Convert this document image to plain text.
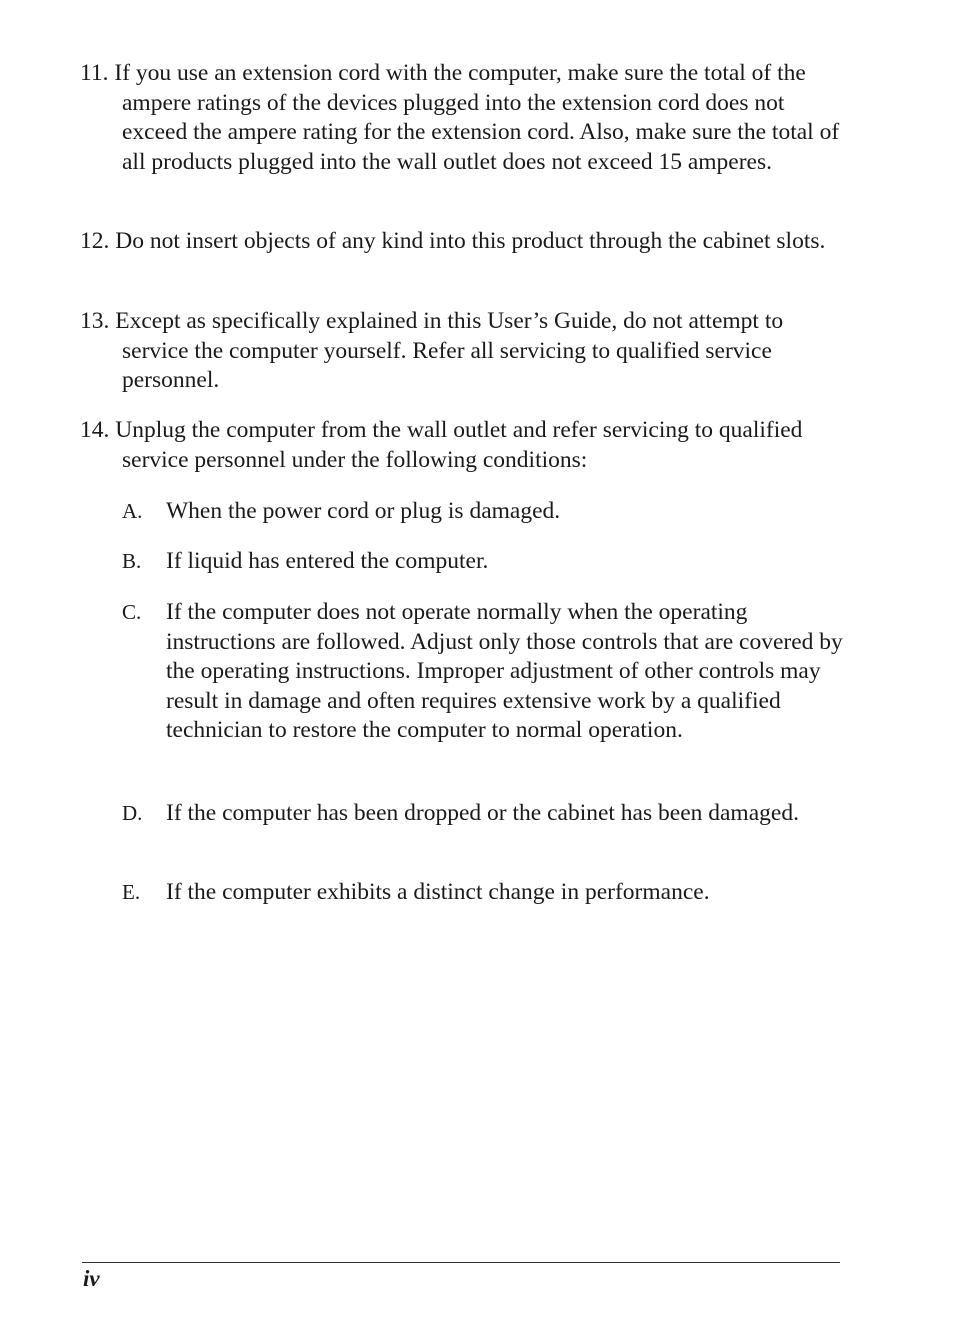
11. If you use an extension cord with the computer, make sure the total of the ampere ratings of the devices plugged into the extension cord does not exceed the ampere rating for the extension cord. Also, make sure the total of all products plugged into the wall outlet does not exceed 15 amperes.
12. Do not insert objects of any kind into this product through the cabinet slots.
13. Except as specifically explained in this User’s Guide, do not attempt to service the computer yourself. Refer all servicing to qualified service personnel.
14. Unplug the computer from the wall outlet and refer servicing to qualified service personnel under the following conditions:
A. When the power cord or plug is damaged.
B. If liquid has entered the computer.
C. If the computer does not operate normally when the operating instructions are followed. Adjust only those controls that are covered by the operating instructions. Improper adjustment of other controls may result in damage and often requires extensive work by a qualified technician to restore the computer to normal operation.
D. If the computer has been dropped or the cabinet has been damaged.
E. If the computer exhibits a distinct change in performance.
iv
